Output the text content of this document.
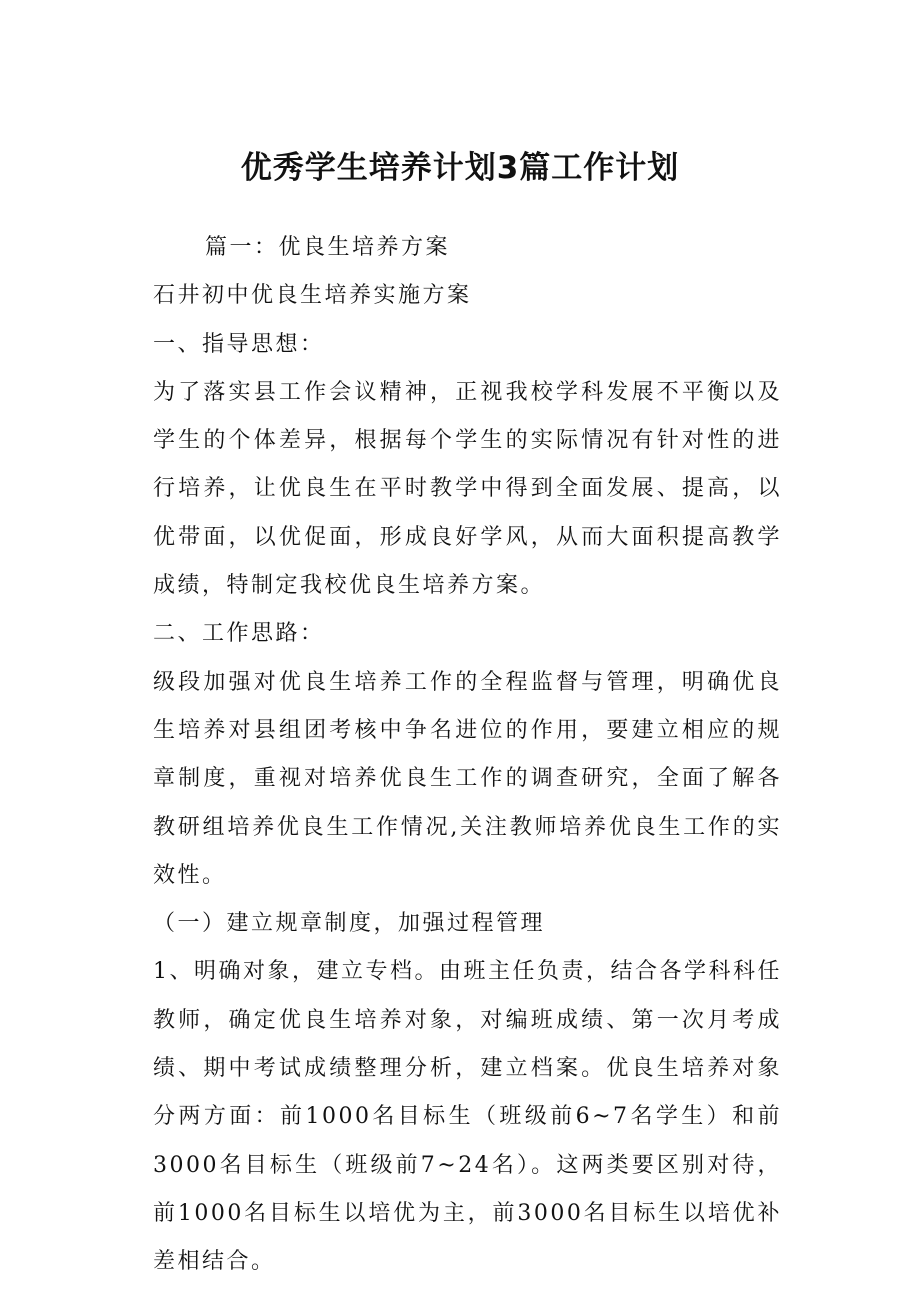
优秀学生培养计划3篇工作计划

篇一：优良生培养方案

石井初中优良生培养实施方案

一、指导思想：

为了落实县工作会议精神，正视我校学科发展不平衡以及学生的个体差异，根据每个学生的实际情况有针对性的进行培养，让优良生在平时教学中得到全面发展、提高，以优带面，以优促面，形成良好学风，从而大面积提高教学成绩，特制定我校优良生培养方案。

二、工作思路：

级段加强对优良生培养工作的全程监督与管理，明确优良生培养对县组团考核中争名进位的作用，要建立相应的规章制度，重视对培养优良生工作的调查研究，全面了解各教研组培养优良生工作情况,关注教师培养优良生工作的实效性。

（一）建立规章制度，加强过程管理

1、明确对象，建立专档。由班主任负责，结合各学科科任教师，确定优良生培养对象，对编班成绩、第一次月考成绩、期中考试成绩整理分析，建立档案。优良生培养对象分两方面：前1000名目标生（班级前6~7名学生）和前3000名目标生（班级前7~24名）。这两类要区别对待，前1000名目标生以培优为主，前3000名目标生以培优补差相结合。
